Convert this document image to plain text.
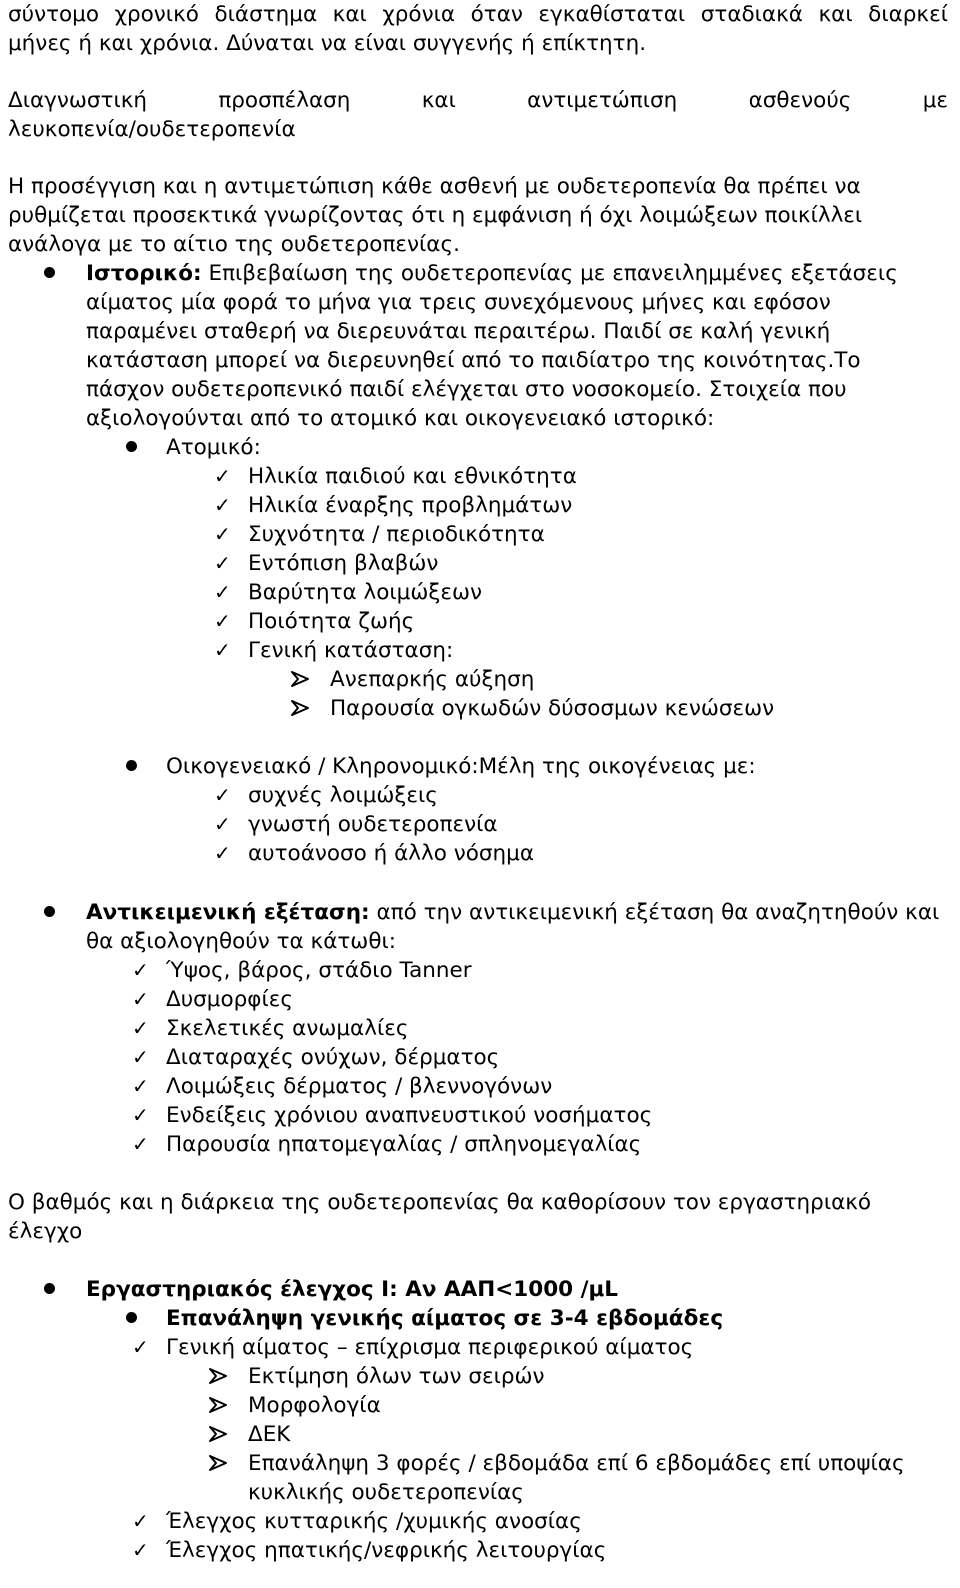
σύντομο χρονικό διάστημα και χρόνια όταν εγκαθίσταται σταδιακά και διαρκεί
μήνες ή και χρόνια. Δύναται να είναι συγγενής ή επίκτητη.
Διαγνωστική προσπέλαση και αντιμετώπιση ασθενούς με
λευκοπενία/ουδετεροπενία
Η προσέγγιση και η αντιμετώπιση κάθε ασθενή με ουδετεροπενία θα πρέπει να
ρυθμίζεται προσεκτικά γνωρίζοντας ότι η εμφάνιση ή όχι λοιμώξεων ποικίλλει
ανάλογα με το αίτιο της ουδετεροπενίας.
Ιστορικό: Επιβεβαίωση της ουδετεροπενίας με επανειλημμένες εξετάσεις
αίματος μία φορά το μήνα για τρεις συνεχόμενους μήνες και εφόσον
παραμένει σταθερή να διερευνάται περαιτέρω. Παιδί σε καλή γενική
κατάσταση μπορεί να διερευνηθεί από το παιδίατρο της κοινότητας.Το
πάσχον ουδετεροπενικό παιδί ελέγχεται στο νοσοκομείο. Στοιχεία που
αξιολογούνται από το ατομικό και οικογενειακό ιστορικό:
Ατομικό:
✓ Ηλικία παιδιού και εθνικότητα
✓ Ηλικία έναρξης προβλημάτων
✓ Συχνότητα / περιοδικότητα
✓ Εντόπιση βλαβών
✓ Βαρύτητα λοιμώξεων
✓ Ποιότητα ζωής
✓ Γενική κατάσταση:
Ανεπαρκής αύξηση
Παρουσία ογκωδών δύσοσμων κενώσεων
Οικογενειακό / Κληρονομικό:Μέλη της οικογένειας με:
✓ συχνές λοιμώξεις
✓ γνωστή ουδετεροπενία
✓ αυτοάνοσο ή άλλο νόσημα
Αντικειμενική εξέταση: από την αντικειμενική εξέταση θα αναζητηθούν και
θα αξιολογηθούν τα κάτωθι:
✓ Ύψος, βάρος, στάδιο Tanner
✓ Δυσμορφίες
✓ Σκελετικές ανωμαλίες
✓ Διαταραχές ονύχων, δέρματος
✓ Λοιμώξεις δέρματος / βλεννογόνων
✓ Ενδείξεις χρόνιου αναπνευστικού νοσήματος
✓ Παρουσία ηπατομεγαλίας / σπληνομεγαλίας
Ο βαθμός και η διάρκεια της ουδετεροπενίας θα καθορίσουν τον εργαστηριακό
έλεγχο
Εργαστηριακός έλεγχος Ι: Αν ΑΑΠ<1000 /μL
Επανάληψη γενικής αίματος σε 3-4 εβδομάδες
✓ Γενική αίματος – επίχρισμα περιφερικού αίματος
Εκτίμηση όλων των σειρών
Μορφολογία
ΔΕΚ
Επανάληψη 3 φορές / εβδομάδα επί 6 εβδομάδες επί υποψίας
κυκλικής ουδετεροπενίας
✓ Έλεγχος κυτταρικής /χυμικής ανοσίας
✓ Έλεγχος ηπατικής/νεφρικής λειτουργίας
